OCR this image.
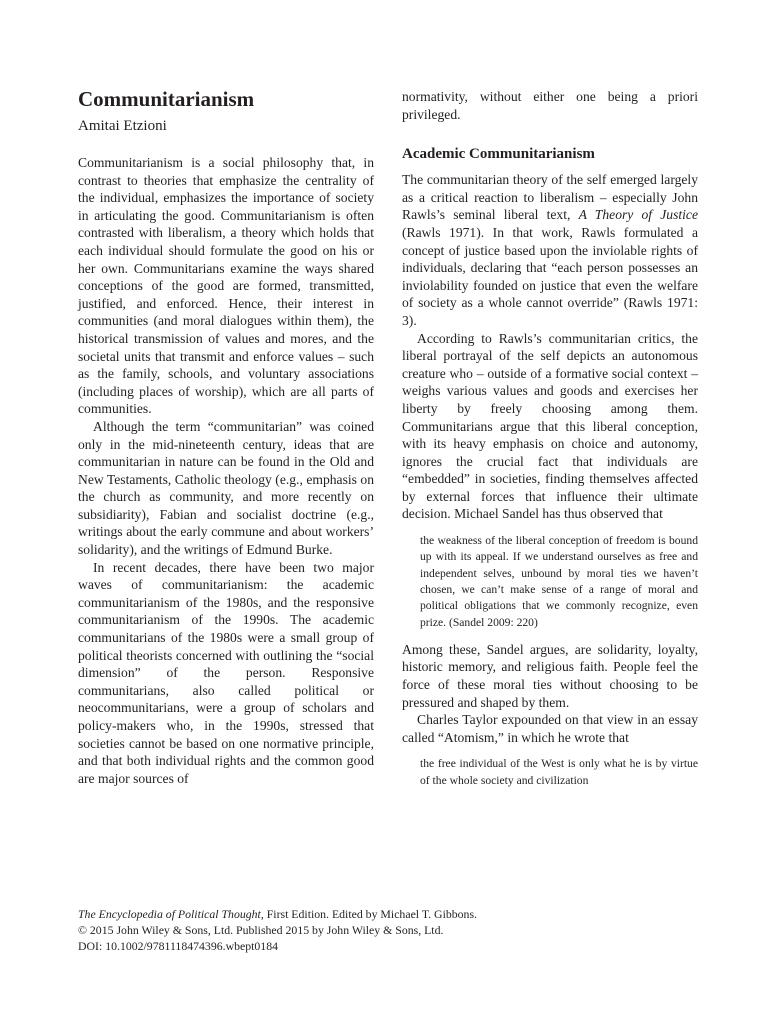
Communitarianism
Amitai Etzioni

Communitarianism is a social philosophy that, in contrast to theories that emphasize the centrality of the individual, emphasizes the importance of society in articulating the good. Communitarianism is often contrasted with liberalism, a theory which holds that each individual should formulate the good on his or her own. Communitarians examine the ways shared conceptions of the good are formed, transmitted, justified, and enforced. Hence, their interest in communities (and moral dialogues within them), the historical transmission of values and mores, and the societal units that transmit and enforce values – such as the family, schools, and voluntary associations (including places of worship), which are all parts of communities.

Although the term “communitarian” was coined only in the mid-nineteenth century, ideas that are communitarian in nature can be found in the Old and New Testaments, Catholic theology (e.g., emphasis on the church as community, and more recently on subsidiarity), Fabian and socialist doctrine (e.g., writings about the early commune and about workers’ solidarity), and the writings of Edmund Burke.

In recent decades, there have been two major waves of communitarianism: the academic communitarianism of the 1980s, and the responsive communitarianism of the 1990s. The academic communitarians of the 1980s were a small group of political theorists concerned with outlining the “social dimension” of the person. Responsive communitarians, also called political or neocommunitarians, were a group of scholars and policy-makers who, in the 1990s, stressed that societies cannot be based on one normative principle, and that both individual rights and the common good are major sources of

normativity, without either one being a priori privileged.

Academic Communitarianism

The communitarian theory of the self emerged largely as a critical reaction to liberalism – especially John Rawls’s seminal liberal text, A Theory of Justice (Rawls 1971). In that work, Rawls formulated a concept of justice based upon the inviolable rights of individuals, declaring that “each person possesses an inviolability founded on justice that even the welfare of society as a whole cannot override” (Rawls 1971: 3).

According to Rawls’s communitarian critics, the liberal portrayal of the self depicts an autonomous creature who – outside of a formative social context – weighs various values and goods and exercises her liberty by freely choosing among them. Communitarians argue that this liberal conception, with its heavy emphasis on choice and autonomy, ignores the crucial fact that individuals are “embedded” in societies, finding themselves affected by external forces that influence their ultimate decision. Michael Sandel has thus observed that

the weakness of the liberal conception of freedom is bound up with its appeal. If we understand ourselves as free and independent selves, unbound by moral ties we haven’t chosen, we can’t make sense of a range of moral and political obligations that we commonly recognize, even prize. (Sandel 2009: 220)

Among these, Sandel argues, are solidarity, loyalty, historic memory, and religious faith. People feel the force of these moral ties without choosing to be pressured and shaped by them.

Charles Taylor expounded on that view in an essay called “Atomism,” in which he wrote that

the free individual of the West is only what he is by virtue of the whole society and civilization
The Encyclopedia of Political Thought, First Edition. Edited by Michael T. Gibbons.
© 2015 John Wiley & Sons, Ltd. Published 2015 by John Wiley & Sons, Ltd.
DOI: 10.1002/9781118474396.wbept0184
